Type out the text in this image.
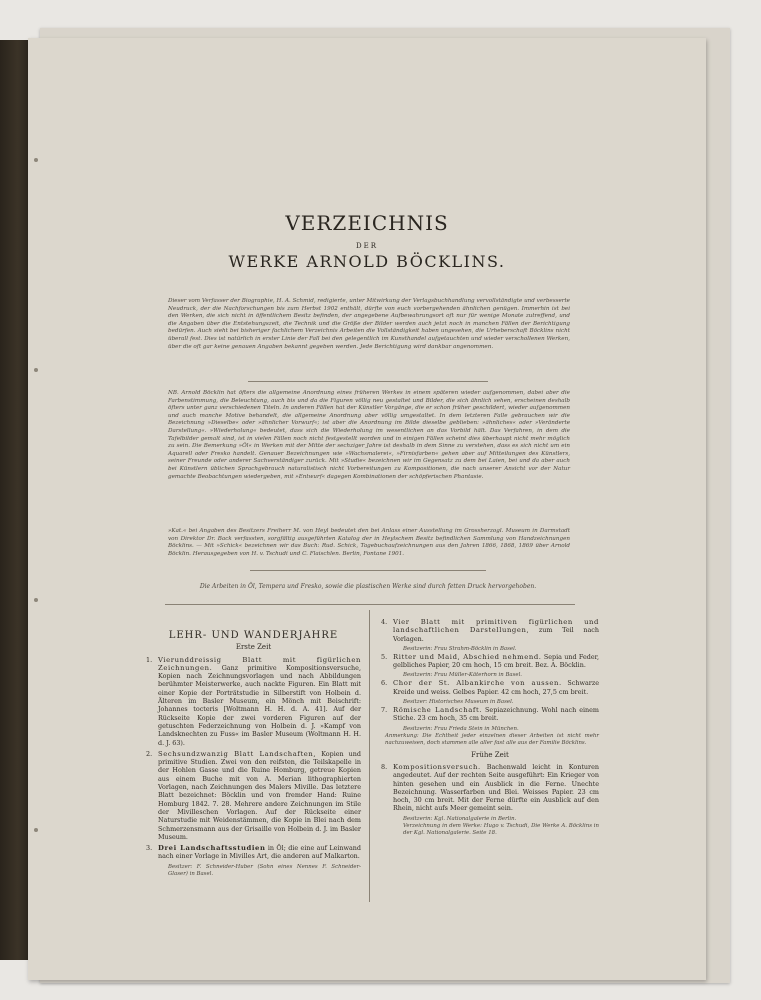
VERZEICHNIS
DER
WERKE ARNOLD BÖCKLINS.
Dieser vom Verfasser der Biographie, H. A. Schmid, redigierte, unter Mitwirkung der Verlagsbuchhandlung vervollständigte und verbesserte Neudruck, der die Nachforschungen bis zum Herbst 1902 enthält, dürfte von euch vorbergehenden ähnlichen genügen. Immerhin ist bei den Werken, die sich nicht in öffentlichem Besitz befinden, der angegebene Aufbewahrungsort oft nur für wenige Monate zutreffend, und die Angaben über die Entstehungszeit, die Technik und die Größe der Bilder werden auch jetzt noch in manchen Fällen der Berichtigung bedürfen. Auch sieht bei bisheriger fachlichem Verzeichnis Arbeiten die Vollständigkeit haben ungesehen, die Urheberschaft Böcklins nicht überall fest. Dies ist natürlich in erster Linie der Fall bei den gelegentlich im Kunsthandel aufgetauchten und wieder verschollenen Werken, über die oft gar keine genauen Angaben bekannt gegeben werden. Jede Berichtigung wird dankbar angenommen.
NB. Arnold Böcklin hat öfters die allgemeine Anordnung eines früheren Werkes in einem späteren wieder aufgenommen, dabei aber die Farbenstimmung, die Beleuchtung, auch bis und da die Figuren völlig neu gestaltet und Bilder, die sich ähnlich sehen, erscheinen deshalb öfters unter ganz verschiedenen Titeln. In anderen Fällen hat der Künstler Vorgänge, die er schon früher geschildert, wieder aufgenommen und auch manche Motive behandelt, die allgemeine Anordnung aber völlig umgestaltet. In dem letzteren Falle gebrauchen wir die Bezeichnung »Dieselbe« oder »ähnlicher Vorwurf«; ist aber die Anordnung im Bilde dieselbe geblieben: »ähnliches« oder »Veränderte Darstellung«. »Wiederholung« bedeutet, dass sich die Wiederholung im wesentlichen an das Vorbild hält. Das Verfahren, in dem die Tafelbilder gemalt sind, ist in vielen Fällen noch nicht festgestellt worden und in einigen Fällen scheint dies überhaupt nicht mehr möglich zu sein. Die Bemerkung »Öl« in Werken mit der Mitte der sechziger Jahre ist deshalb in dem Sinne zu verstehen, dass es sich nicht um ein Aquarell oder Fresko handelt. Genauer Bezeichnungen wie »Wachsmalerei«, »Firnisfarben« gehen aber auf Mitteilungen des Künstlers, seiner Freunde oder anderer Sachverständiger zurück. Mit »Studie« bezeichnen wir im Gegensatz zu dem bei Laien, bei und da aber auch bei Künstlern üblichen Sprachgebrauch naturalistisch nicht Vorbereitungen zu Kompositionen, die nach unserer Ansicht vor der Natur gemachte Beobachtungen wiedergeben, mit »Entwurf« dagegen Kombinationen der schöpferischen Phantasie.
»Kat.« bei Angaben des Besitzers Freiherr M. von Heyl bedeutet den bei Anlass einer Ausstellung im Grossherzogl. Museum in Darmstadt von Direktor Dr. Back verfassten, sorgfältig ausgeführten Katalog der in Heylschem Besitz befindlichen Sammlung von Handzeichnungen Böcklins. — Mit »Schick« bezeichnen wir das Buch: Rud. Schick, Tagebuchaufzeichnungen aus den Jahren 1866, 1868, 1869 über Arnold Böcklin. Herausgegeben von H. v. Tschudi und C. Flaischlen. Berlin, Fontane 1901.
Die Arbeiten in Öl, Tempera und Fresko, sowie die plastischen Werke sind durch fetten Druck hervorgehoben.
LEHR- UND WANDERJAHRE
Erste Zeit
1. Vierunddreissig Blatt mit figürlichen Zeichnungen. Ganz primitive Kompositionsversuche, Kopien nach Zeichnungsvorlagen und nach Abbildungen berühmter Meisterwerke, auch nackte Figuren. Ein Blatt mit einer Kopie der Porträtstudie in Silberstift von Holbein d. Älteren im Basler Museum, ein Mönch mit Beischrift: Johannes tocteris [Woltmann H. H. d. A. 41]. Auf der Rückseite Kopie der zwei vorderen Figuren auf der getuschten Federzeichnung von Holbein d. J. »Kampf von Landsknechten zu Fuss« im Basler Museum (Woltmann H. H. d. J. 63).
2. Sechsundzwanzig Blatt Landschaften, Kopien und primitive Studien. Zwei von den reifsten, die Teilskapelle in der Hohlen Gasse und die Ruine Homburg, getreue Kopien aus einem Buche mit von A. Merian lithographierten Vorlagen, nach Zeichnungen des Malers Miville. Das letztere Blatt bezeichnet: Böcklin und von fremder Hand: Ruine Homburg 1842. 7. 28. Mehrere andere Zeichnungen im Stile der Mivilleschen Vorlagen. Auf der Rückseite einer Naturstudie mit Weidenstämmen, die Kopie in Blei nach dem Schmerzensmann aus der Grisaille von Holbein d. J. im Basler Museum.
3. Drei Landschaftsstudien in Öl; die eine auf Leinwand nach einer Vorlage in Mivilles Art, die anderen auf Malkarton.
Besitzer: F. Schneider-Huber (Sohn eines Nennes F. Schneider-Glaser) in Basel.
4. Vier Blatt mit primitiven figürlichen und landschaftlichen Darstellungen, zum Teil nach Vorlagen.
Besitzerin: Frau Strahm-Böcklin in Basel.
5. Ritter und Maid, Abschied nehmend. Sepia und Feder, gelbliches Papier, 20 cm hoch, 15 cm breit. Bez. A. Böcklin.
Besitzerin: Frau Müller-Käterhorn in Basel.
6. Chor der St. Albankirche von aussen. Schwarze Kreide und weiss. Gelbes Papier. 42 cm hoch, 27,5 cm breit.
Besitzer: Historisches Museum in Basel.
7. Römische Landschaft. Sepiazeichnung. Wohl nach einem Stiche. 23 cm hoch, 35 cm breit.
Besitzerin: Frau Frieda Stein in München.
Anmerkung: Die Echtheit jeder einzelnen dieser Arbeiten ist nicht mehr nachzuweisen, doch stammen alle aller fast alle aus der Familie Böcklins.
Frühe Zeit
8. Kompositionsversuch. Bachenwald leicht in Konturen angedeutet. Auf der rechten Seite ausgeführt: Ein Krieger von hinten gesehen und ein Ausblick in die Ferne. Unechte Bezeichnung. Wasserfarben und Blei. Weisses Papier. 23 cm hoch, 30 cm breit. Mit der Ferne dürfte ein Ausblick auf den Rhein, nicht aufs Meer gemeint sein.
Besitzerin: Kgl. Nationalgalerie in Berlin.
Verzeichnung in dem Werke: Hugo v. Tschudi, Die Werke A. Böcklins in der Kgl. Nationalgalerie. Seite 18.
